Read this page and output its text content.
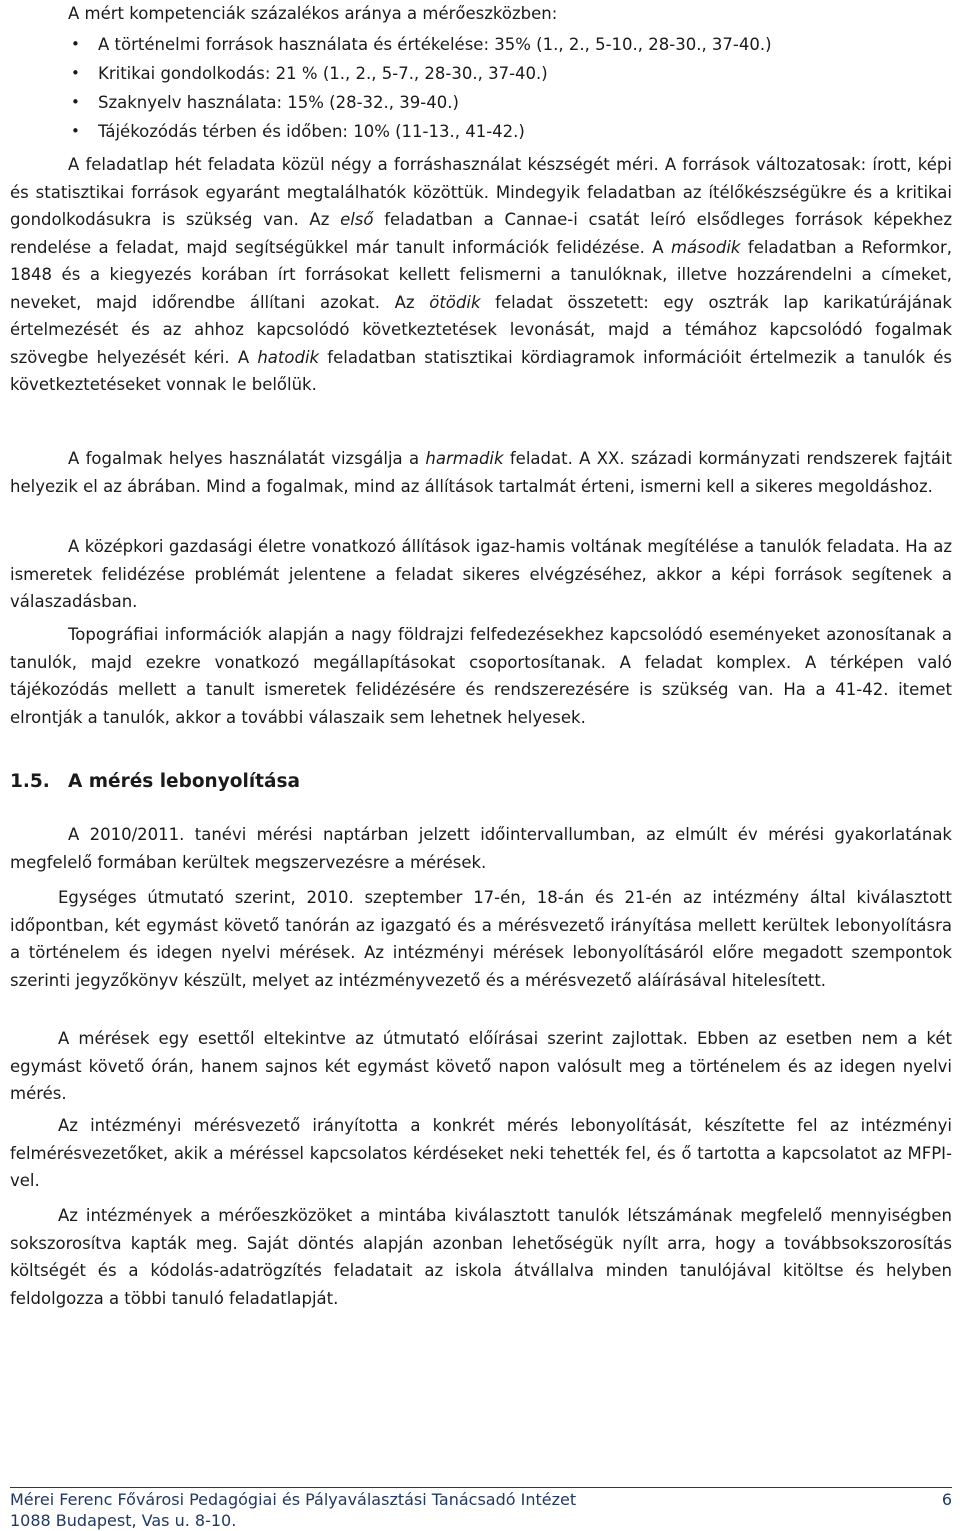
A mért kompetenciák százalékos aránya a mérőeszközben:

• A történelmi források használata és értékelése: 35% (1., 2., 5-10., 28-30., 37-40.)
• Kritikai gondolkodás: 21 % (1., 2., 5-7., 28-30., 37-40.)
• Szaknyelv használata: 15% (28-32., 39-40.)
• Tájékozódás térben és időben: 10% (11-13., 41-42.)

A feladatlap hét feladata közül négy a forráshasználat készségét méri. A források változatosak: írott, képi és statisztikai források egyaránt megtalálhatók közöttük. Mindegyik feladatban az ítélőkészségükre és a kritikai gondolkodásukra is szükség van. Az első feladatban a Cannae-i csatát leíró elsődleges források képekhez rendelése a feladat, majd segítségükkel már tanult információk felidézése. A második feladatban a Reformkor, 1848 és a kiegyezés korában írt forrásokat kellett felismerni a tanulóknak, illetve hozzárendelni a címeket, neveket, majd időrendbe állítani azokat. Az ötödik feladat összetett: egy osztrák lap karikatúrájának értelmezését és az ahhoz kapcsolódó következtetések levonását, majd a témához kapcsolódó fogalmak szövegbe helyezését kéri. A hatodik feladatban statisztikai kördiagramok információit értelmezik a tanulók és következtetéseket vonnak le belőlük.

A fogalmak helyes használatát vizsgálja a harmadik feladat. A XX. századi kormányzati rendszerek fajtáit helyezik el az ábrában. Mind a fogalmak, mind az állítások tartalmát érteni, ismerni kell a sikeres megoldáshoz.

A középkori gazdasági életre vonatkozó állítások igaz-hamis voltának megítélése a tanulók feladata. Ha az ismeretek felidézése problémát jelentene a feladat sikeres elvégzéséhez, akkor a képi források segítenek a válaszadásban.

Topográfiai információk alapján a nagy földrajzi felfedezésekhez kapcsolódó eseményeket azonosítanak a tanulók, majd ezekre vonatkozó megállapításokat csoportosítanak. A feladat komplex. A térképen való tájékozódás mellett a tanult ismeretek felidézésére és rendszerezésére is szükség van. Ha a 41-42. itemet elrontják a tanulók, akkor a további válaszaik sem lehetnek helyesek.

1.5. A mérés lebonyolítása

A 2010/2011. tanévi mérési naptárban jelzett időintervallumban, az elmúlt év mérési gyakorlatának megfelelő formában kerültek megszervezésre a mérések.

Egységes útmutató szerint, 2010. szeptember 17-én, 18-án és 21-én az intézmény által kiválasztott időpontban, két egymást követő tanórán az igazgató és a mérésvezető irányítása mellett kerültek lebonyolításra a történelem és idegen nyelvi mérések. Az intézményi mérések lebonyolításáról előre megadott szempontok szerinti jegyzőkönyv készült, melyet az intézményvezető és a mérésvezető aláírásával hitelesített.

A mérések egy esettől eltekintve az útmutató előírásai szerint zajlottak. Ebben az esetben nem a két egymást követő órán, hanem sajnos két egymást követő napon valósult meg a történelem és az idegen nyelvi mérés.

Az intézményi mérésvezető irányította a konkrét mérés lebonyolítását, készítette fel az intézményi felmérésvezetőket, akik a méréssel kapcsolatos kérdéseket neki tehették fel, és ő tartotta a kapcsolatot az MFPI-vel.

Az intézmények a mérőeszközöket a mintába kiválasztott tanulók létszámának megfelelő mennyiségben sokszorosítva kapták meg. Saját döntés alapján azonban lehetőségük nyílt arra, hogy a továbbsokszorosítás költségét és a kódolás-adatrögzítés feladatait az iskola átvállalva minden tanulójával kitöltse és helyben feldolgozza a többi tanuló feladatlapját.

Mérei Ferenc Fővárosi Pedagógiai és Pályaválasztási Tanácsadó Intézet	6
1088 Budapest, Vas u. 8-10.
